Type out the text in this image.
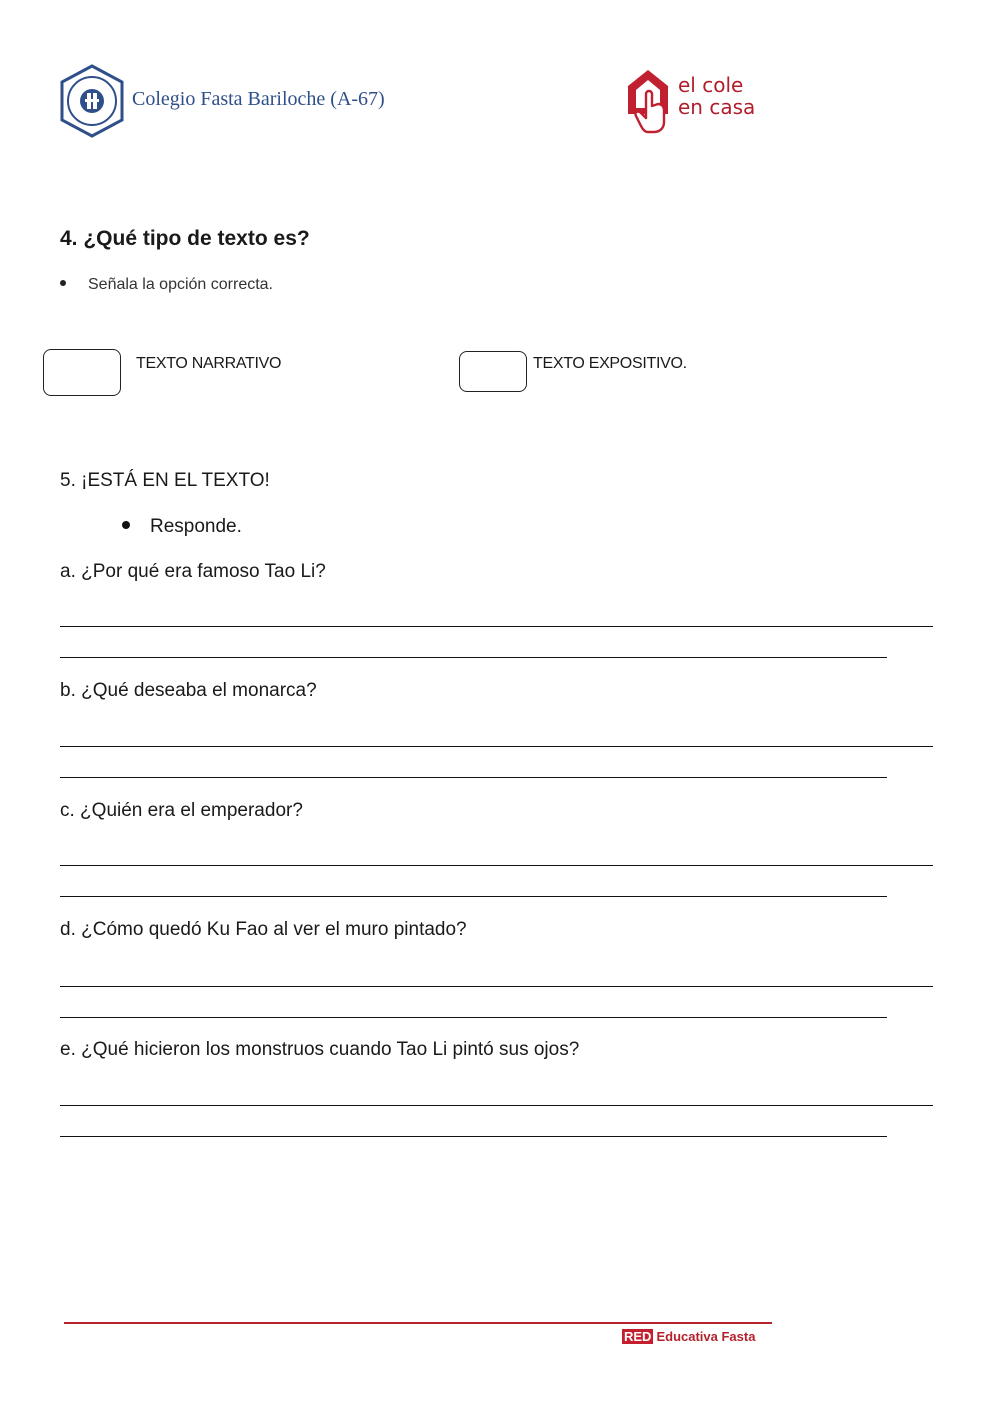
Colegio Fasta Bariloche (A-67)
el cole
en casa
4. ¿Qué tipo de texto es?
Señala la opción correcta.
TEXTO NARRATIVO	TEXTO EXPOSITIVO.
5. ¡ESTÁ EN EL TEXTO!
Responde.
a. ¿Por qué era famoso Tao Li?
b. ¿Qué deseaba el monarca?
c. ¿Quién era el emperador?
d. ¿Cómo quedó Ku Fao al ver el muro pintado?
e. ¿Qué hicieron los monstruos cuando Tao Li pintó sus ojos?
RED Educativa Fasta
